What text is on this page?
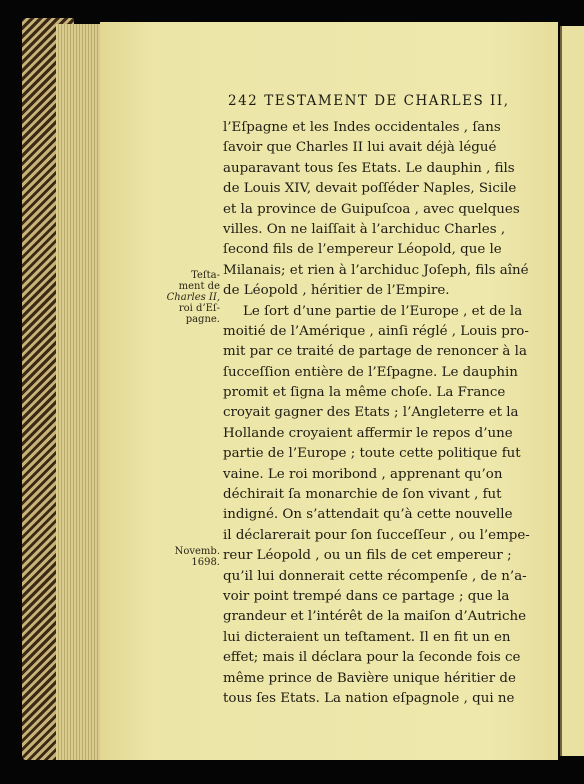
242 TESTAMENT DE CHARLES II,
Teſta-
ment de
Charles II,
roi d’Eſ-
pagne.
Novemb.
1698.
l’Eſpagne et les Indes occidentales , ſans
ſavoir que Charles II lui avait déjà légué
auparavant tous ſes Etats. Le dauphin , fils
de Louis XIV, devait poſſéder Naples, Sicile
et la province de Guipuſcoa , avec quelques
villes. On ne laiſſait à l’archiduc Charles ,
ſecond fils de l’empereur Léopold, que le
Milanais; et rien à l’archiduc Joſeph, fils aîné
de Léopold , héritier de l’Empire.
Le ſort d’une partie de l’Europe , et de la
moitié de l’Amérique , ainſi réglé , Louis pro-
mit par ce traité de partage de renoncer à la
ſucceſſion entière de l’Eſpagne. Le dauphin
promit et ſigna la même choſe. La France
croyait gagner des Etats ; l’Angleterre et la
Hollande croyaient affermir le repos d’une
partie de l’Europe ; toute cette politique fut
vaine. Le roi moribond , apprenant qu’on
déchirait ſa monarchie de ſon vivant , fut
indigné. On s’attendait qu’à cette nouvelle
il déclarerait pour ſon ſucceſſeur , ou l’empe-
reur Léopold , ou un fils de cet empereur ;
qu’il lui donnerait cette récompenſe , de n’a-
voir point trempé dans ce partage ; que la
grandeur et l’intérêt de la maiſon d’Autriche
lui dicteraient un teſtament. Il en fit un en
effet; mais il déclara pour la ſeconde fois ce
même prince de Bavière unique héritier de
tous ſes Etats. La nation eſpagnole , qui ne
